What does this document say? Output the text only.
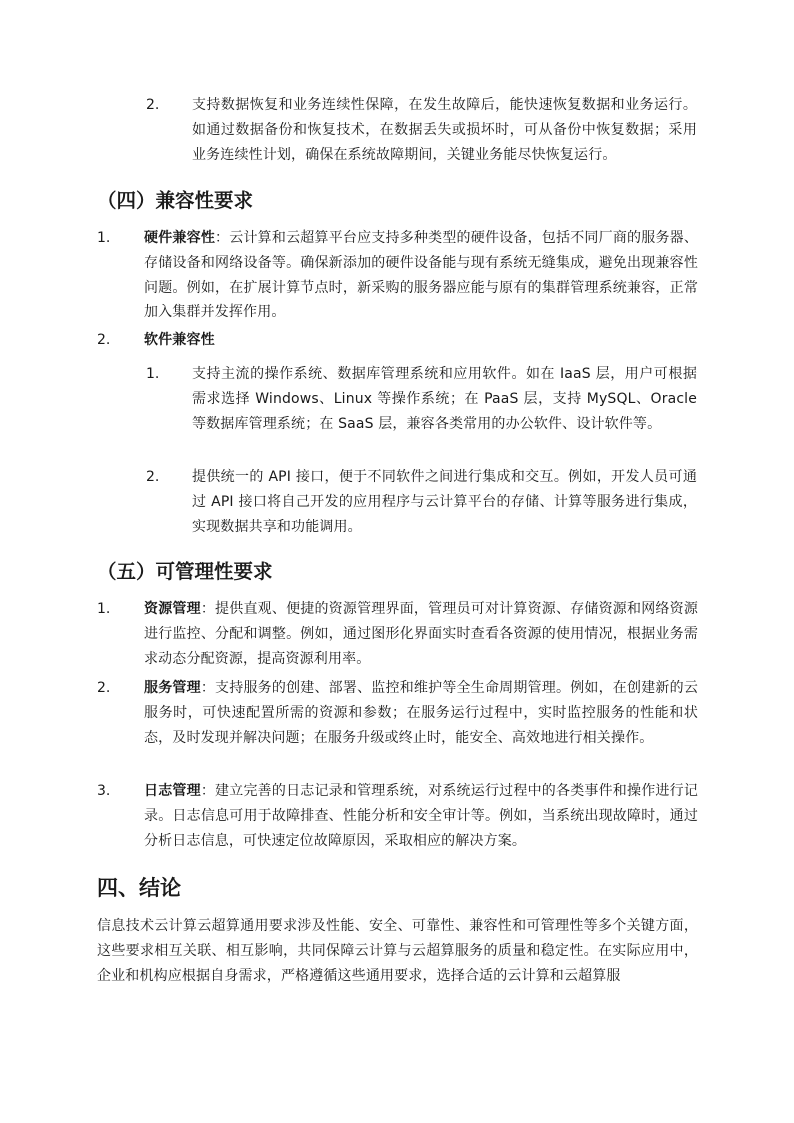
2. 支持数据恢复和业务连续性保障，在发生故障后，能快速恢复数据和业务运行。如通过数据备份和恢复技术，在数据丢失或损坏时，可从备份中恢复数据；采用业务连续性计划，确保在系统故障期间，关键业务能尽快恢复运行。
（四）兼容性要求
1. 硬件兼容性：云计算和云超算平台应支持多种类型的硬件设备，包括不同厂商的服务器、存储设备和网络设备等。确保新添加的硬件设备能与现有系统无缝集成，避免出现兼容性问题。例如，在扩展计算节点时，新采购的服务器应能与原有的集群管理系统兼容，正常加入集群并发挥作用。
2. 软件兼容性
1. 支持主流的操作系统、数据库管理系统和应用软件。如在 IaaS 层，用户可根据需求选择 Windows、Linux 等操作系统；在 PaaS 层，支持 MySQL、Oracle 等数据库管理系统；在 SaaS 层，兼容各类常用的办公软件、设计软件等。
2. 提供统一的 API 接口，便于不同软件之间进行集成和交互。例如，开发人员可通过 API 接口将自己开发的应用程序与云计算平台的存储、计算等服务进行集成，实现数据共享和功能调用。
（五）可管理性要求
1. 资源管理：提供直观、便捷的资源管理界面，管理员可对计算资源、存储资源和网络资源进行监控、分配和调整。例如，通过图形化界面实时查看各资源的使用情况，根据业务需求动态分配资源，提高资源利用率。
2. 服务管理：支持服务的创建、部署、监控和维护等全生命周期管理。例如，在创建新的云服务时，可快速配置所需的资源和参数；在服务运行过程中，实时监控服务的性能和状态，及时发现并解决问题；在服务升级或终止时，能安全、高效地进行相关操作。
3. 日志管理：建立完善的日志记录和管理系统，对系统运行过程中的各类事件和操作进行记录。日志信息可用于故障排查、性能分析和安全审计等。例如，当系统出现故障时，通过分析日志信息，可快速定位故障原因，采取相应的解决方案。
四、结论
信息技术云计算云超算通用要求涉及性能、安全、可靠性、兼容性和可管理性等多个关键方面，这些要求相互关联、相互影响，共同保障云计算与云超算服务的质量和稳定性。在实际应用中，企业和机构应根据自身需求，严格遵循这些通用要求，选择合适的云计算和云超算服
